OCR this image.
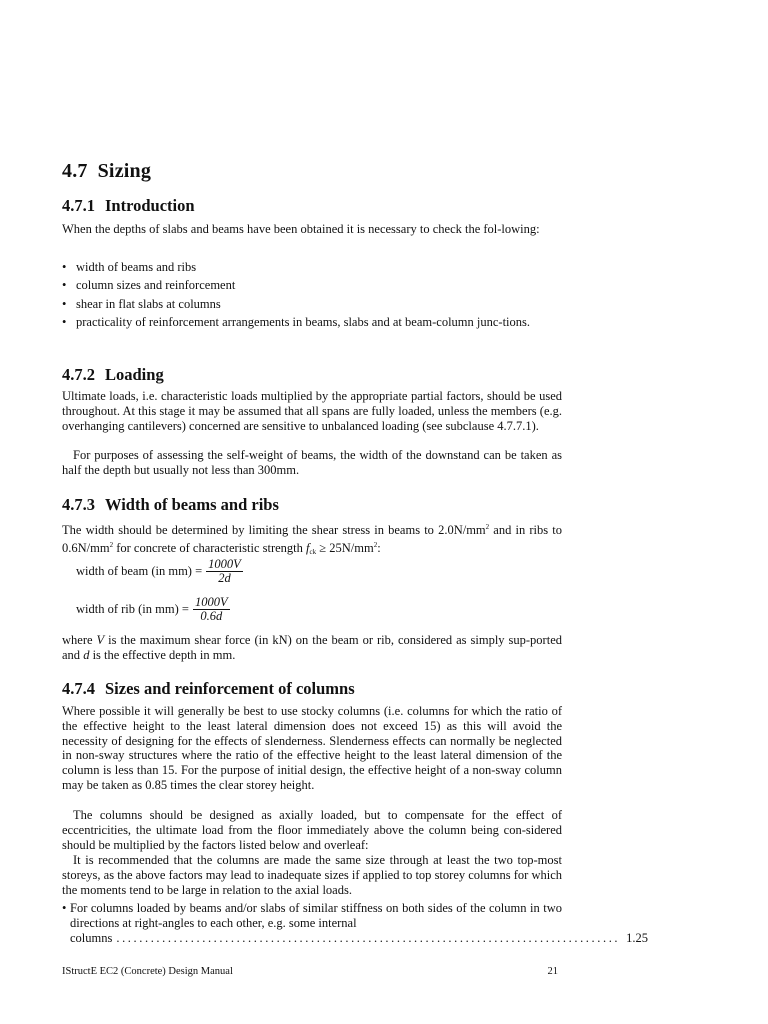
4.7 Sizing
4.7.1 Introduction
When the depths of slabs and beams have been obtained it is necessary to check the fol-lowing:
• width of beams and ribs
• column sizes and reinforcement
• shear in flat slabs at columns
• practicality of reinforcement arrangements in beams, slabs and at beam-column junc-tions.
4.7.2 Loading
Ultimate loads, i.e. characteristic loads multiplied by the appropriate partial factors, should be used throughout. At this stage it may be assumed that all spans are fully loaded, unless the members (e.g. overhanging cantilevers) concerned are sensitive to unbalanced loading (see subclause 4.7.7.1).
For purposes of assessing the self-weight of beams, the width of the downstand can be taken as half the depth but usually not less than 300mm.
4.7.3 Width of beams and ribs
The width should be determined by limiting the shear stress in beams to $2.0N/mm^2$ and in ribs to $0.6N/mm^2$ for concrete of characteristic strength $f_{ck} \ge 25N/mm^2$:
width of beam (in $mm) = \frac{1000V}{2d}$
width of rib (in $mm) = \frac{1000V}{0.6d}$
where V is the maximum shear force (in kN) on the beam or rib, considered as simply sup-ported and d is the effective depth in mm.
4.7.4 Sizes and reinforcement of columns
Where possible it will generally be best to use stocky columns (i.e. columns for which the ratio of the effective height to the least lateral dimension does not exceed 15) as this will avoid the necessity of designing for the effects of slenderness. Slenderness effects can normally be neglected in non-sway structures where the ratio of the effective height to the least lateral dimension of the column is less than 15. For the purpose of initial design, the effective height of a non-sway column may be taken as 0.85 times the clear storey height.
The columns should be designed as axially loaded, but to compensate for the effect of eccentricities, the ultimate load from the floor immediately above the column being con-sidered should be multiplied by the factors listed below and overleaf:
It is recommended that the columns are made the same size through at least the two top-most storeys, as the above factors may lead to inadequate sizes if applied to top storey columns for which the moments tend to be large in relation to the axial loads.
• For columns loaded by beams and/or slabs of similar stiffness on both sides of the column in two directions at right-angles to each other, e.g. some internal
columns ........................................................................................ 1.25
IStructE EC2 (Concrete) Design Manual	21
